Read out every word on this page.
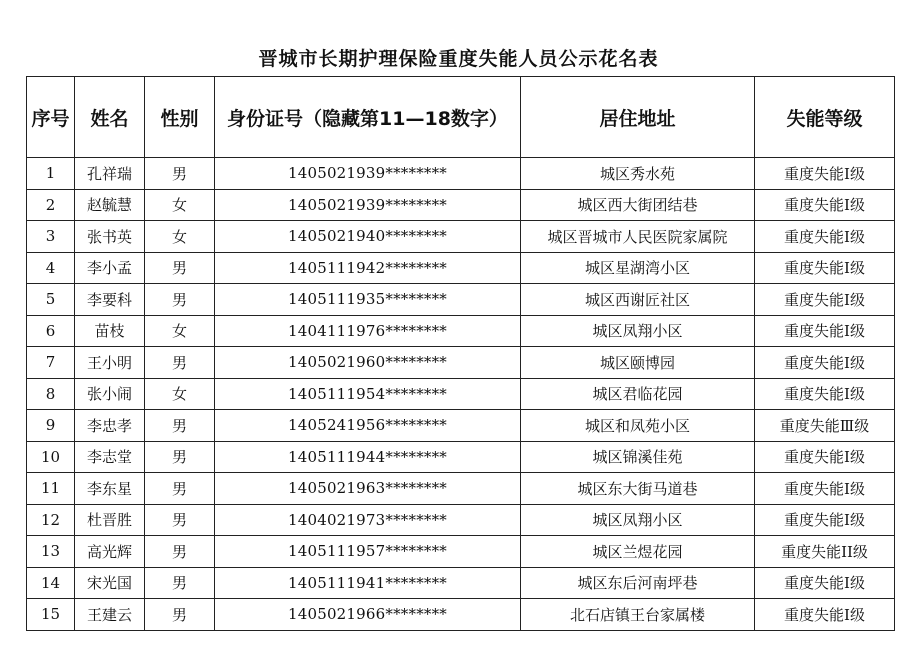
晋城市长期护理保险重度失能人员公示花名表
序号	姓名	性别	身份证号（隐藏第11—18数字）	居住地址	失能等级
1	孔祥瑞	男	1405021939********	城区秀水苑	重度失能Ⅰ级
2	赵毓慧	女	1405021939********	城区西大街团结巷	重度失能Ⅰ级
3	张书英	女	1405021940********	城区晋城市人民医院家属院	重度失能Ⅰ级
4	李小孟	男	1405111942********	城区星湖湾小区	重度失能Ⅰ级
5	李要科	男	1405111935********	城区西谢匠社区	重度失能Ⅰ级
6	苗枝	女	1404111976********	城区凤翔小区	重度失能Ⅰ级
7	王小明	男	1405021960********	城区颐博园	重度失能Ⅰ级
8	张小闹	女	1405111954********	城区君临花园	重度失能Ⅰ级
9	李忠孝	男	1405241956********	城区和凤苑小区	重度失能Ⅲ级
10	李志堂	男	1405111944********	城区锦溪佳苑	重度失能Ⅰ级
11	李东星	男	1405021963********	城区东大街马道巷	重度失能Ⅰ级
12	杜晋胜	男	1404021973********	城区凤翔小区	重度失能Ⅰ级
13	高光辉	男	1405111957********	城区兰煜花园	重度失能II级
14	宋光国	男	1405111941********	城区东后河南坪巷	重度失能Ⅰ级
15	王建云	男	1405021966********	北石店镇王台家属楼	重度失能Ⅰ级
